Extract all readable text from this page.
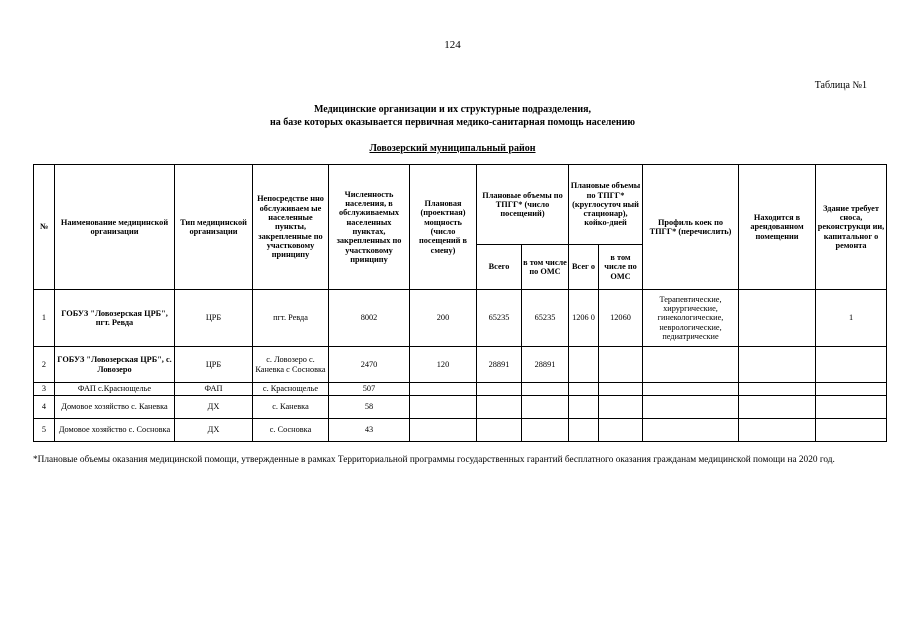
124
Таблица №1
Медицинские организации и их структурные подразделения,
на базе которых оказывается первичная медико-санитарная помощь населению
Ловозерский муниципальный район
№	Наименование медицинской организации	Тип медицинской организации	Непосредстве нно обслуживаем ые населенные пункты, закрепленные по участковому принципу	Численность населения, в обслуживаемых населенных пунктах, закрепленных по участковому принципу	Плановая (проектная) мощность (число посещений в смену)	Плановые объемы по ТПГГ* (число посещений)		Плановые объемы по ТПГГ* (круглосуточ ный стационар), койко-дней		Профиль коек по ТПГГ* (перечислить)	Находится в арендованном помещении	Здание требует сноса, реконструкци ии, капитальног о ремонта
						Всего	в том числе по ОМС	Всег о	в том числе по ОМС			
1	ГОБУЗ "Ловозерская ЦРБ", пгт. Ревда	ЦРБ	пгт. Ревда	8002	200	65235	65235	1206 0	12060	Терапевтические, хирургические, гинекологические, неврологические, педиатрические		1
2	ГОБУЗ "Ловозерская ЦРБ", с. Ловозеро	ЦРБ	с. Ловозеро с. Каневка с Сосновка	2470	120	28891	28891					
3	ФАП с.Краснощелье	ФАП	с. Краснощелье	507								
4	Домовое хозяйство с. Каневка	ДХ	с. Каневка	58								
5	Домовое хозяйство с. Сосновка	ДХ	с. Сосновка	43								
*Плановые объемы оказания медицинской помощи, утвержденные в рамках Территориальной программы государственных гарантий бесплатного оказания гражданам медицинской помощи на 2020 год.
